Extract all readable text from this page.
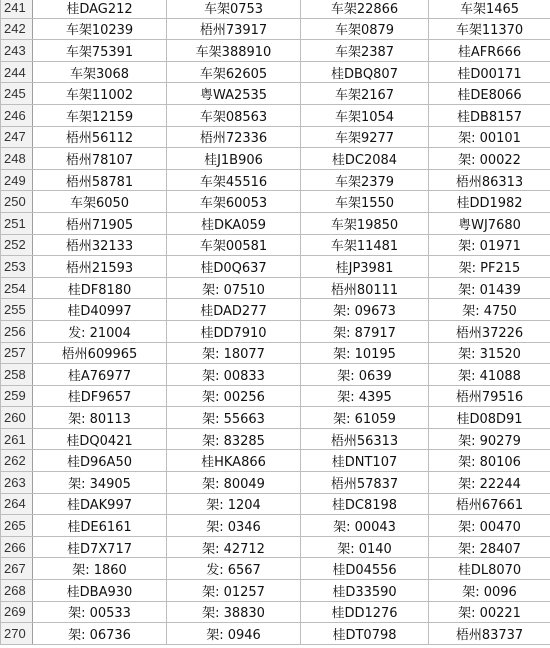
241	桂DAG212	车架0753	车架22866	车架1465
242	车架10239	梧州73917	车架0879	车架11370
243	车架75391	车架388910	车架2387	桂AFR666
244	车架3068	车架62605	桂DBQ807	桂D00171
245	车架11002	粤WA2535	车架2167	桂DE8066
246	车架12159	车架08563	车架1054	桂DB8157
247	梧州56112	梧州72336	车架9277	架: 00101
248	梧州78107	桂J1B906	桂DC2084	架: 00022
249	梧州58781	车架45516	车架2379	梧州86313
250	车架6050	车架60053	车架1550	桂DD1982
251	梧州71905	桂DKA059	车架19850	粤WJ7680
252	梧州32133	车架00581	车架11481	架: 01971
253	梧州21593	桂D0Q637	桂JP3981	架: PF215
254	桂DF8180	架: 07510	梧州80111	架: 01439
255	桂D40997	桂DAD277	架: 09673	架: 4750
256	发: 21004	桂DD7910	架: 87917	梧州37226
257	梧州609965	架: 18077	架: 10195	架: 31520
258	桂A76977	架: 00833	架: 0639	架: 41088
259	桂DF9657	架: 00256	架: 4395	梧州79516
260	架: 80113	架: 55663	架: 61059	桂D08D91
261	桂DQ0421	架: 83285	梧州56313	架: 90279
262	桂D96A50	桂HKA866	桂DNT107	架: 80106
263	架: 34905	架: 80049	梧州57837	架: 22244
264	桂DAK997	架: 1204	桂DC8198	梧州67661
265	桂DE6161	架: 0346	架: 00043	架: 00470
266	桂D7X717	架: 42712	架: 0140	架: 28407
267	架: 1860	发: 6567	桂D04556	桂DL8070
268	桂DBA930	架: 01257	桂D33590	架: 0096
269	架: 00533	架: 38830	桂DD1276	架: 00221
270	架: 06736	架: 0946	桂DT0798	梧州83737
